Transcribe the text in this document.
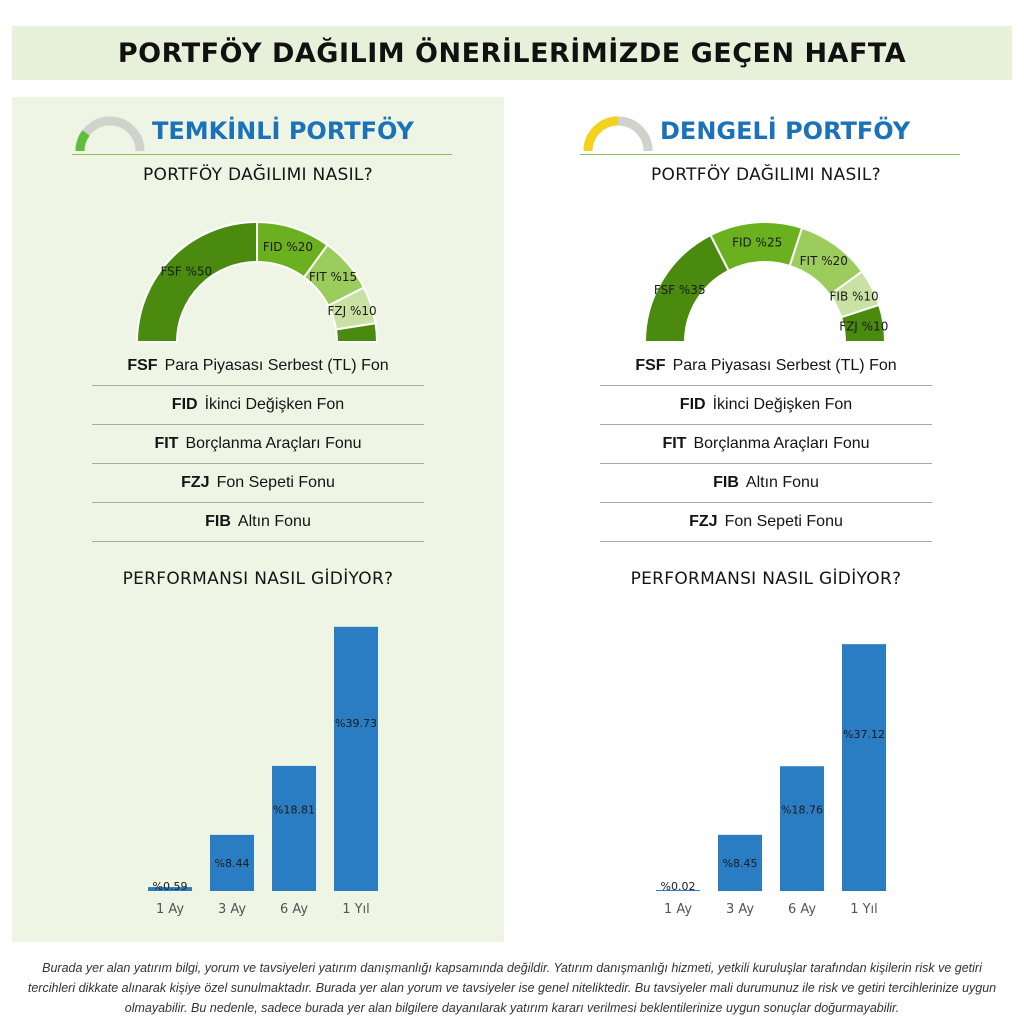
PORTFÖY DAĞILIM ÖNERİLERİMİZDE GEÇEN HAFTA
TEMKİNLİ PORTFÖY
PORTFÖY DAĞILIMI NASIL?
FSF %50
FID %20
FIT %15
FZJ %10
FSF Para Piyasası Serbest (TL) Fon
FID İkinci Değişken Fon
FIT Borçlanma Araçları Fonu
FZJ Fon Sepeti Fonu
FIB Altın Fonu
PERFORMANSI NASIL GİDİYOR?
%0.59
1 Ay
%8.44
3 Ay
%18.81
6 Ay
%39.73
1 Yıl
DENGELİ PORTFÖY
PORTFÖY DAĞILIMI NASIL?
FSF %35
FID %25
FIT %20
FIB %10
FZJ %10
FSF Para Piyasası Serbest (TL) Fon
FID İkinci Değişken Fon
FIT Borçlanma Araçları Fonu
FIB Altın Fonu
FZJ Fon Sepeti Fonu
PERFORMANSI NASIL GİDİYOR?
%0.02
1 Ay
%8.45
3 Ay
%18.76
6 Ay
%37.12
1 Yıl
Burada yer alan yatırım bilgi, yorum ve tavsiyeleri yatırım danışmanlığı kapsamında değildir. Yatırım danışmanlığı hizmeti, yetkili kuruluşlar tarafından kişilerin risk ve getiri tercihleri dikkate alınarak kişiye özel sunulmaktadır. Burada yer alan yorum ve tavsiyeler ise genel niteliktedir. Bu tavsiyeler mali durumunuz ile risk ve getiri tercihlerinize uygun olmayabilir. Bu nedenle, sadece burada yer alan bilgilere dayanılarak yatırım kararı verilmesi beklentilerinize uygun sonuçlar doğurmayabilir.
